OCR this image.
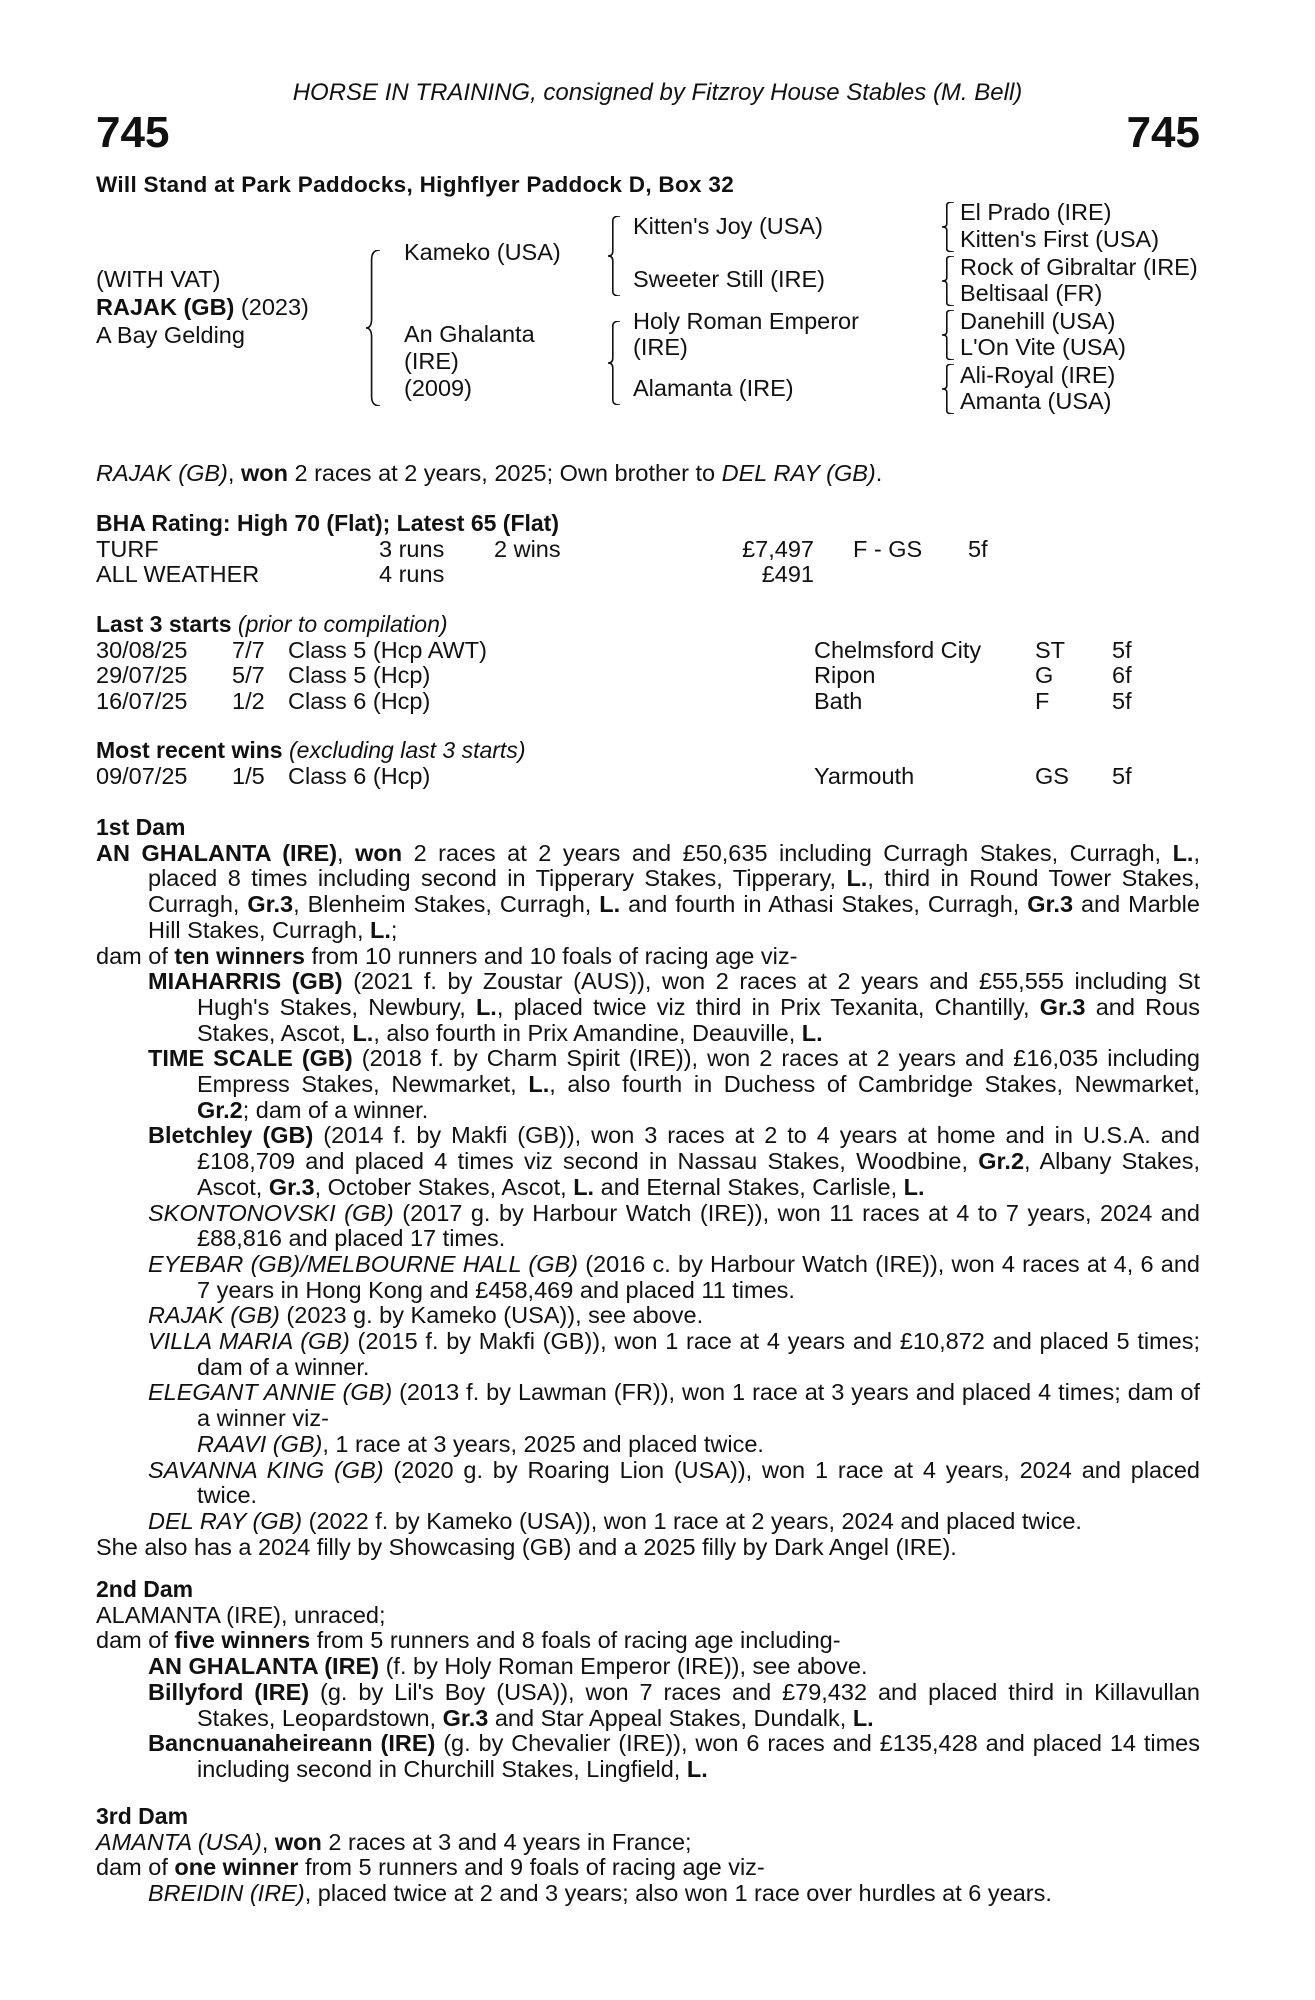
HORSE IN TRAINING, consigned by Fitzroy House Stables (M. Bell)
745	745
Will Stand at Park Paddocks, Highflyer Paddock D, Box 32
(WITH VAT)
RAJAK (GB) (2023)
A Bay Gelding
Kameko (USA)
An Ghalanta
(IRE)
(2009)
Kitten's Joy (USA)
Sweeter Still (IRE)
Holy Roman Emperor
(IRE)
Alamanta (IRE)
El Prado (IRE)
Kitten's First (USA)
Rock of Gibraltar (IRE)
Beltisaal (FR)
Danehill (USA)
L'On Vite (USA)
Ali-Royal (IRE)
Amanta (USA)
RAJAK (GB), won 2 races at 2 years, 2025; Own brother to DEL RAY (GB).
BHA Rating: High 70 (Flat); Latest 65 (Flat)
TURF	3 runs 2 wins	£7,497 F - GS 5f
ALL WEATHER	4 runs	£491
Last 3 starts (prior to compilation)
30/08/25 7/7 Class 5 (Hcp AWT)	Chelmsford City ST 5f
29/07/25 5/7 Class 5 (Hcp)	Ripon	G 6f
16/07/25 1/2 Class 6 (Hcp)	Bath	F	5f
Most recent wins (excluding last 3 starts)
09/07/25 1/5 Class 6 (Hcp)	Yarmouth	GS 5f
1st Dam
AN GHALANTA (IRE), won 2 races at 2 years and £50,635 including Curragh Stakes, Curragh, L., placed 8 times including second in Tipperary Stakes, Tipperary, L., third in Round Tower Stakes, Curragh, Gr.3, Blenheim Stakes, Curragh, L. and fourth in Athasi Stakes, Curragh, Gr.3 and Marble Hill Stakes, Curragh, L.;
dam of ten winners from 10 runners and 10 foals of racing age viz-
MIAHARRIS (GB) (2021 f. by Zoustar (AUS)), won 2 races at 2 years and £55,555 including St Hugh's Stakes, Newbury, L., placed twice viz third in Prix Texanita, Chantilly, Gr.3 and Rous Stakes, Ascot, L., also fourth in Prix Amandine, Deauville, L.
TIME SCALE (GB) (2018 f. by Charm Spirit (IRE)), won 2 races at 2 years and £16,035 including Empress Stakes, Newmarket, L., also fourth in Duchess of Cambridge Stakes, Newmarket, Gr.2; dam of a winner.
Bletchley (GB) (2014 f. by Makfi (GB)), won 3 races at 2 to 4 years at home and in U.S.A. and £108,709 and placed 4 times viz second in Nassau Stakes, Woodbine, Gr.2, Albany Stakes, Ascot, Gr.3, October Stakes, Ascot, L. and Eternal Stakes, Carlisle, L.
SKONTONOVSKI (GB) (2017 g. by Harbour Watch (IRE)), won 11 races at 4 to 7 years, 2024 and £88,816 and placed 17 times.
EYEBAR (GB)/MELBOURNE HALL (GB) (2016 c. by Harbour Watch (IRE)), won 4 races at 4, 6 and 7 years in Hong Kong and £458,469 and placed 11 times.
RAJAK (GB) (2023 g. by Kameko (USA)), see above.
VILLA MARIA (GB) (2015 f. by Makfi (GB)), won 1 race at 4 years and £10,872 and placed 5 times; dam of a winner.
ELEGANT ANNIE (GB) (2013 f. by Lawman (FR)), won 1 race at 3 years and placed 4 times; dam of a winner viz-
RAAVI (GB), 1 race at 3 years, 2025 and placed twice.
SAVANNA KING (GB) (2020 g. by Roaring Lion (USA)), won 1 race at 4 years, 2024 and placed twice.
DEL RAY (GB) (2022 f. by Kameko (USA)), won 1 race at 2 years, 2024 and placed twice.
She also has a 2024 filly by Showcasing (GB) and a 2025 filly by Dark Angel (IRE).
2nd Dam
ALAMANTA (IRE), unraced;
dam of five winners from 5 runners and 8 foals of racing age including-
AN GHALANTA (IRE) (f. by Holy Roman Emperor (IRE)), see above.
Billyford (IRE) (g. by Lil's Boy (USA)), won 7 races and £79,432 and placed third in Killavullan Stakes, Leopardstown, Gr.3 and Star Appeal Stakes, Dundalk, L.
Bancnuanaheireann (IRE) (g. by Chevalier (IRE)), won 6 races and £135,428 and placed 14 times including second in Churchill Stakes, Lingfield, L.
3rd Dam
AMANTA (USA), won 2 races at 3 and 4 years in France;
dam of one winner from 5 runners and 9 foals of racing age viz-
BREIDIN (IRE), placed twice at 2 and 3 years; also won 1 race over hurdles at 6 years.
